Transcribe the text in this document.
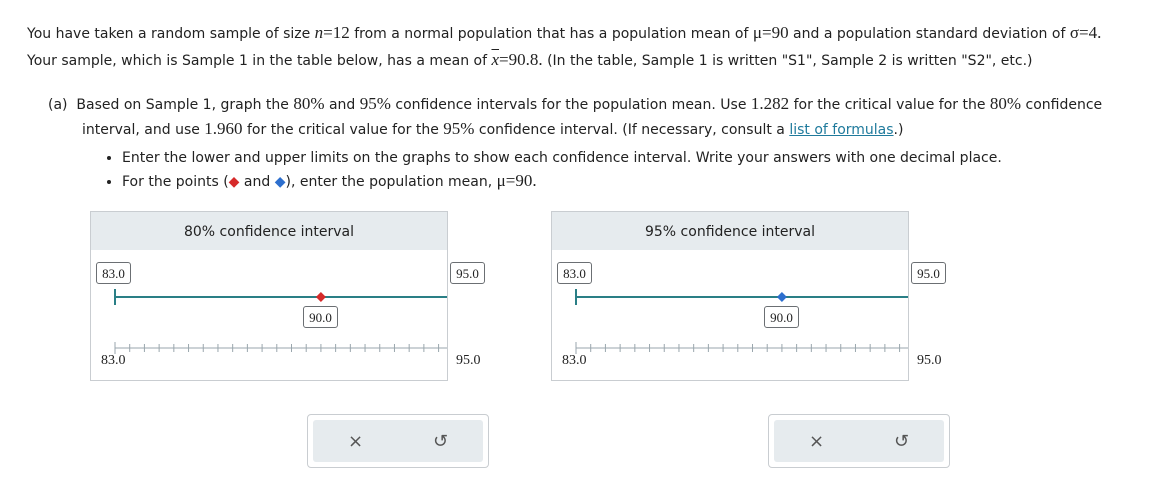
You have taken a random sample of size n=12 from a normal population that has a population mean of μ=90 and a population standard deviation of σ=4.
Your sample, which is Sample 1 in the table below, has a mean of $\overline{x}=90.8$. (In the table, Sample 1 is written "S1", Sample 2 is written "S2", etc.)
(a) Based on Sample 1, graph the 80% and 95% confidence intervals for the population mean. Use 1.282 for the critical value for the 80% confidence
interval, and use 1.960 for the critical value for the 95% confidence interval. (If necessary, consult a list of formulas.)
• Enter the lower and upper limits on the graphs to show each confidence interval. Write your answers with one decimal place.
• For the points (◆ and ◆), enter the population mean, μ=90.
80% confidence interval
83.0	95.0
90.0
83.0	95.0
95% confidence interval
83.0	95.0
90.0
83.0	95.0
×	↺	×	↺
